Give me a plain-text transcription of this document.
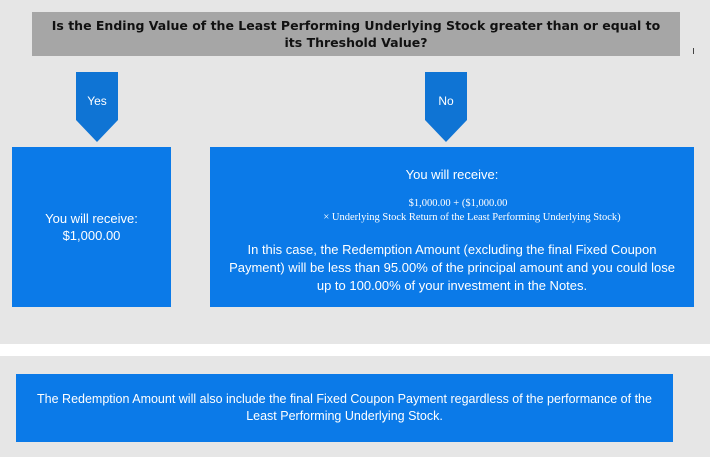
Is the Ending Value of the Least Performing Underlying Stock greater than or equal to its Threshold Value?
Yes	No
You will receive:
$1,000.00
You will receive:
$1,000.00 + ($1,000.00
× Underlying Stock Return of the Least Performing Underlying Stock)
In this case, the Redemption Amount (excluding the final Fixed Coupon Payment) will be less than 95.00% of the principal amount and you could lose up to 100.00% of your investment in the Notes.
The Redemption Amount will also include the final Fixed Coupon Payment regardless of the performance of the Least Performing Underlying Stock.
